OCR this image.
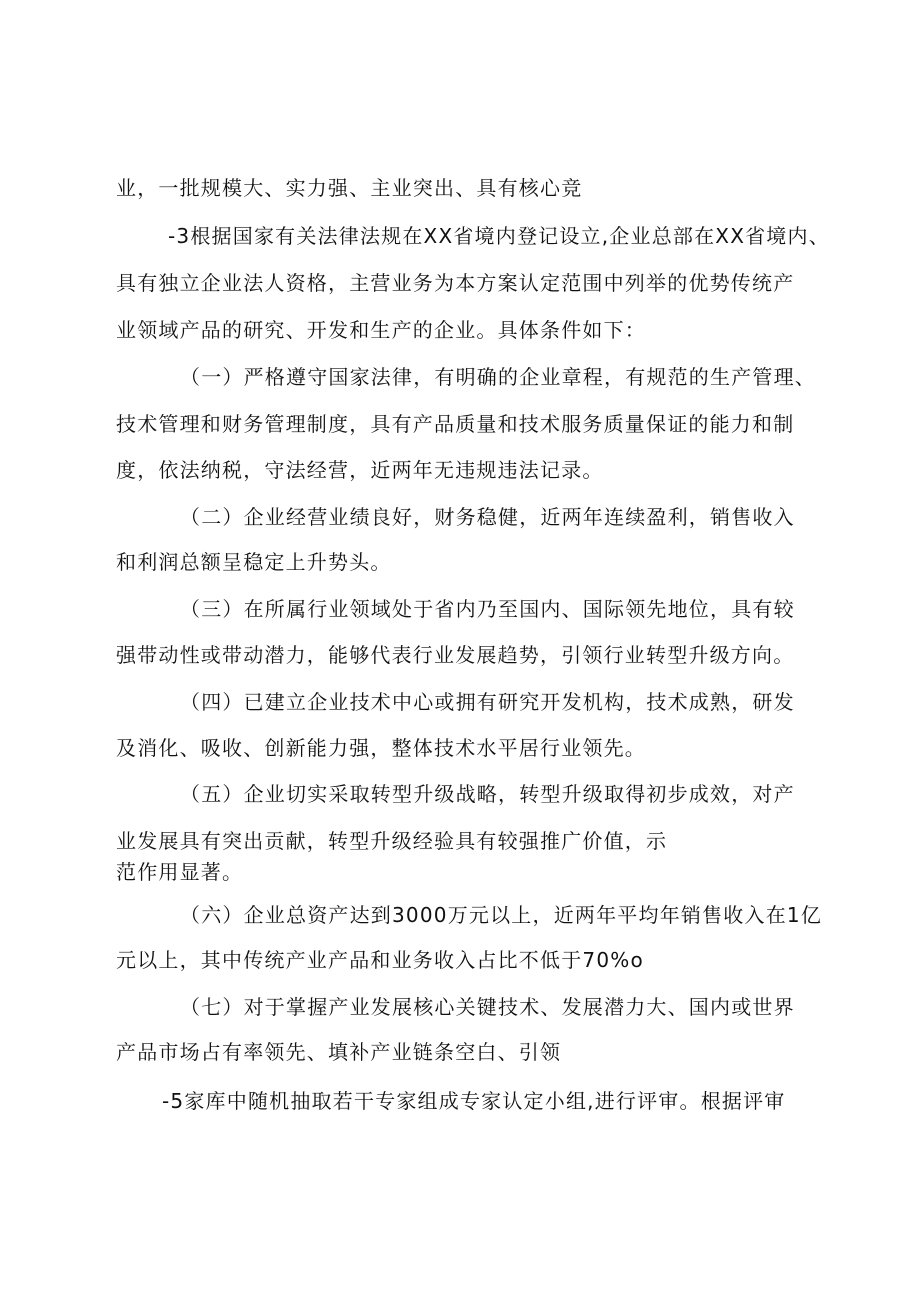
业，一批规模大、实力强、主业突出、具有核心竞

-3根据国家有关法律法规在XX省境内登记设立,企业总部在XX省境内、

具有独立企业法人资格，主营业务为本方案认定范围中列举的优势传统产

业领域产品的研究、开发和生产的企业。具体条件如下：

（一）严格遵守国家法律，有明确的企业章程，有规范的生产管理、

技术管理和财务管理制度，具有产品质量和技术服务质量保证的能力和制

度，依法纳税，守法经营，近两年无违规违法记录。

（二）企业经营业绩良好，财务稳健，近两年连续盈利，销售收入

和利润总额呈稳定上升势头。

（三）在所属行业领域处于省内乃至国内、国际领先地位，具有较

强带动性或带动潜力，能够代表行业发展趋势，引领行业转型升级方向。

（四）已建立企业技术中心或拥有研究开发机构，技术成熟，研发

及消化、吸收、创新能力强，整体技术水平居行业领先。

（五）企业切实采取转型升级战略，转型升级取得初步成效，对产

业发展具有突出贡献，转型升级经验具有较强推广价值，示

范作用显著。

（六）企业总资产达到3000万元以上，近两年平均年销售收入在1亿

元以上，其中传统产业产品和业务收入占比不低于70%o

（七）对于掌握产业发展核心关键技术、发展潜力大、国内或世界

产品市场占有率领先、填补产业链条空白、引领

-5家库中随机抽取若干专家组成专家认定小组,进行评审。根据评审
